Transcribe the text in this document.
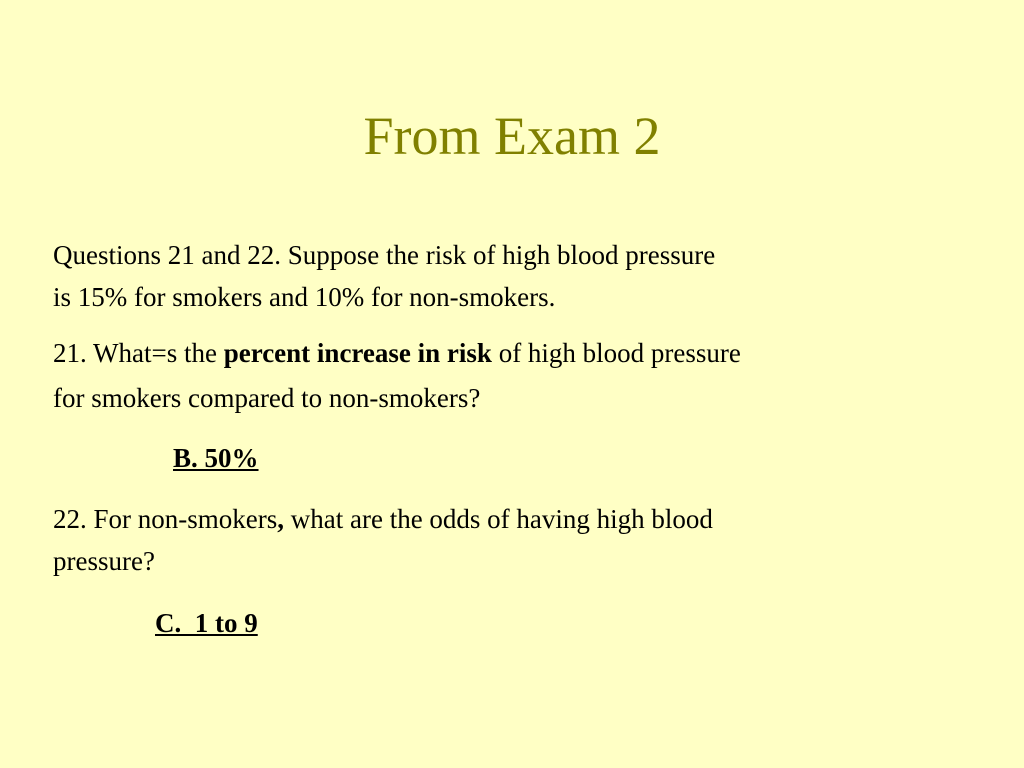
From Exam 2

Questions 21 and 22. Suppose the risk of high blood pressure
is 15% for smokers and 10% for non-smokers.

21. What=s the percent increase in risk of high blood pressure
for smokers compared to non-smokers?

B. 50%

22. For non-smokers, what are the odds of having high blood
pressure?

C.  1 to 9
